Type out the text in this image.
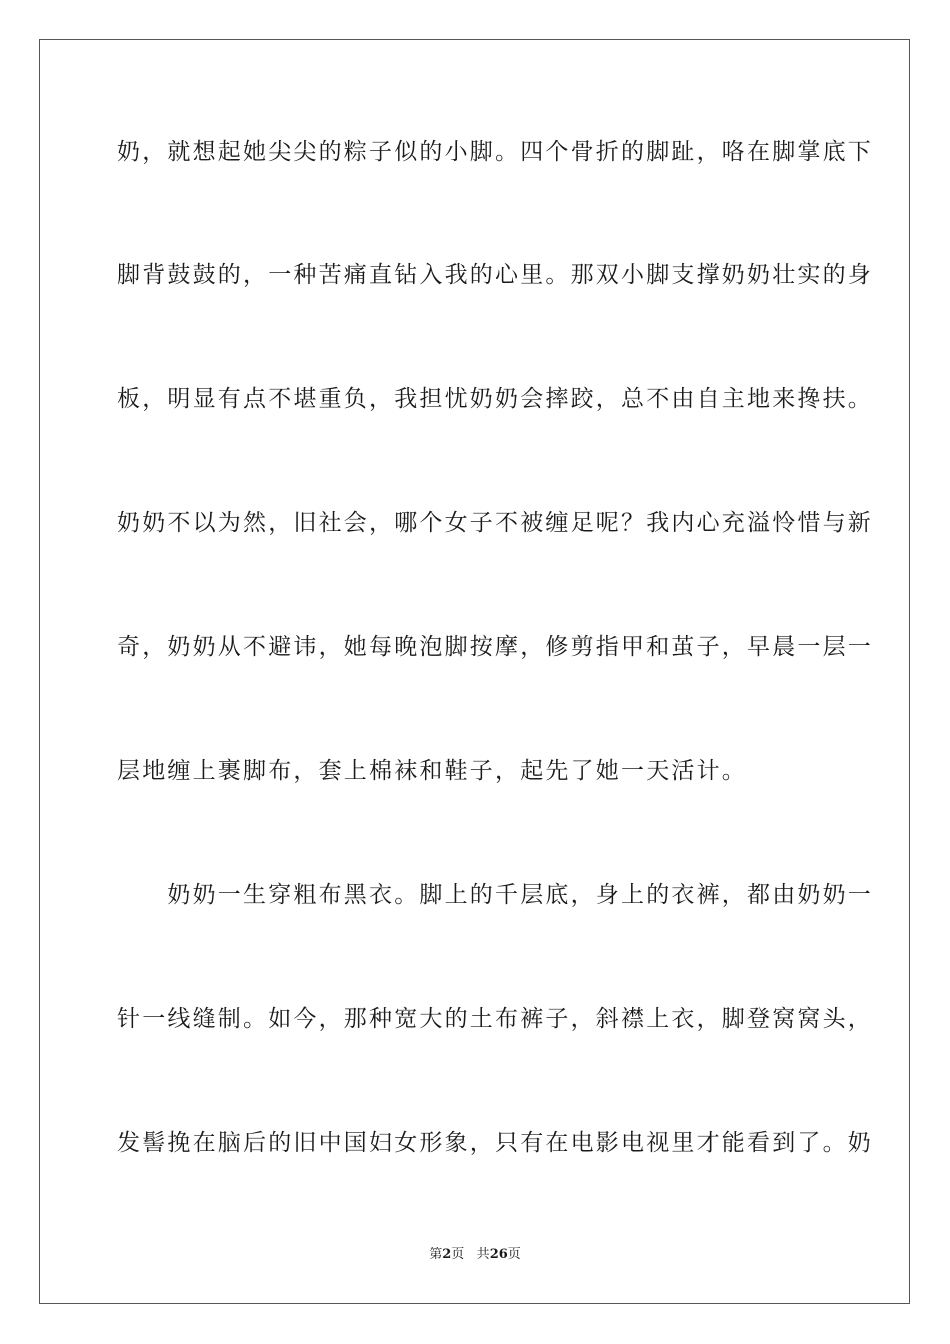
奶，就想起她尖尖的粽子似的小脚。四个骨折的脚趾，咯在脚掌底下
脚背鼓鼓的，一种苦痛直钻入我的心里。那双小脚支撑奶奶壮实的身
板，明显有点不堪重负，我担忧奶奶会摔跤，总不由自主地来搀扶。
奶奶不以为然，旧社会，哪个女子不被缠足呢？我内心充溢怜惜与新
奇，奶奶从不避讳，她每晚泡脚按摩，修剪指甲和茧子，早晨一层一
层地缠上裹脚布，套上棉袜和鞋子，起先了她一天活计。
　　奶奶一生穿粗布黑衣。脚上的千层底，身上的衣裤，都由奶奶一
针一线缝制。如今，那种宽大的土布裤子，斜襟上衣，脚登窝窝头，
发髻挽在脑后的旧中国妇女形象，只有在电影电视里才能看到了。奶
第2页 共26页
